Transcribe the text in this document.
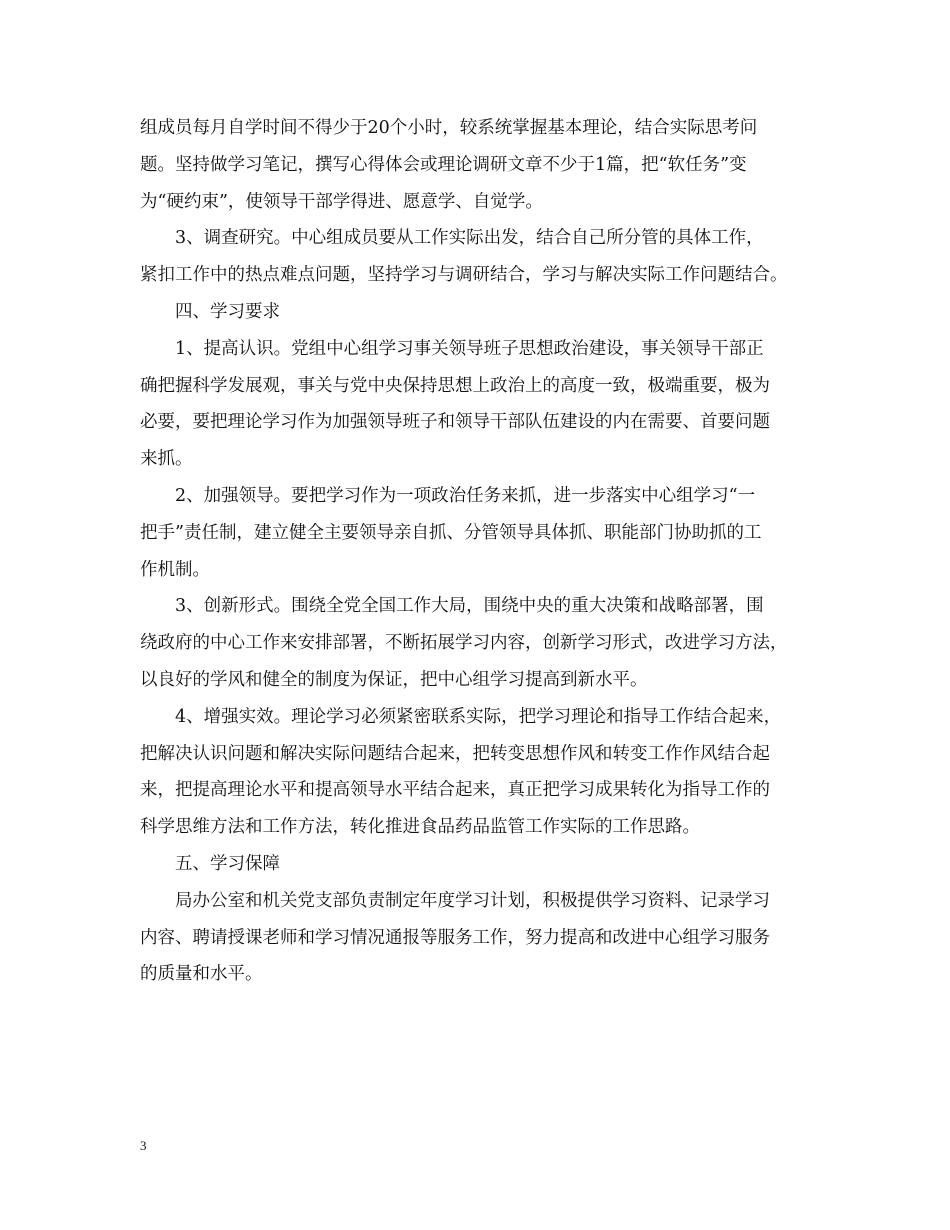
组成员每月自学时间不得少于20个小时，较系统掌握基本理论，结合实际思考问
题。坚持做学习笔记，撰写心得体会或理论调研文章不少于1篇，把“软任务”变
为“硬约束”，使领导干部学得进、愿意学、自觉学。
3、调查研究。中心组成员要从工作实际出发，结合自己所分管的具体工作，
紧扣工作中的热点难点问题，坚持学习与调研结合，学习与解决实际工作问题结合。
四、学习要求
1、提高认识。党组中心组学习事关领导班子思想政治建设，事关领导干部正
确把握科学发展观，事关与党中央保持思想上政治上的高度一致，极端重要，极为
必要，要把理论学习作为加强领导班子和领导干部队伍建设的内在需要、首要问题
来抓。
2、加强领导。要把学习作为一项政治任务来抓，进一步落实中心组学习“一
把手”责任制，建立健全主要领导亲自抓、分管领导具体抓、职能部门协助抓的工
作机制。
3、创新形式。围绕全党全国工作大局，围绕中央的重大决策和战略部署，围
绕政府的中心工作来安排部署，不断拓展学习内容，创新学习形式，改进学习方法，
以良好的学风和健全的制度为保证，把中心组学习提高到新水平。
4、增强实效。理论学习必须紧密联系实际，把学习理论和指导工作结合起来，
把解决认识问题和解决实际问题结合起来，把转变思想作风和转变工作作风结合起
来，把提高理论水平和提高领导水平结合起来，真正把学习成果转化为指导工作的
科学思维方法和工作方法，转化推进食品药品监管工作实际的工作思路。
五、学习保障
局办公室和机关党支部负责制定年度学习计划，积极提供学习资料、记录学习
内容、聘请授课老师和学习情况通报等服务工作，努力提高和改进中心组学习服务
的质量和水平。
3
